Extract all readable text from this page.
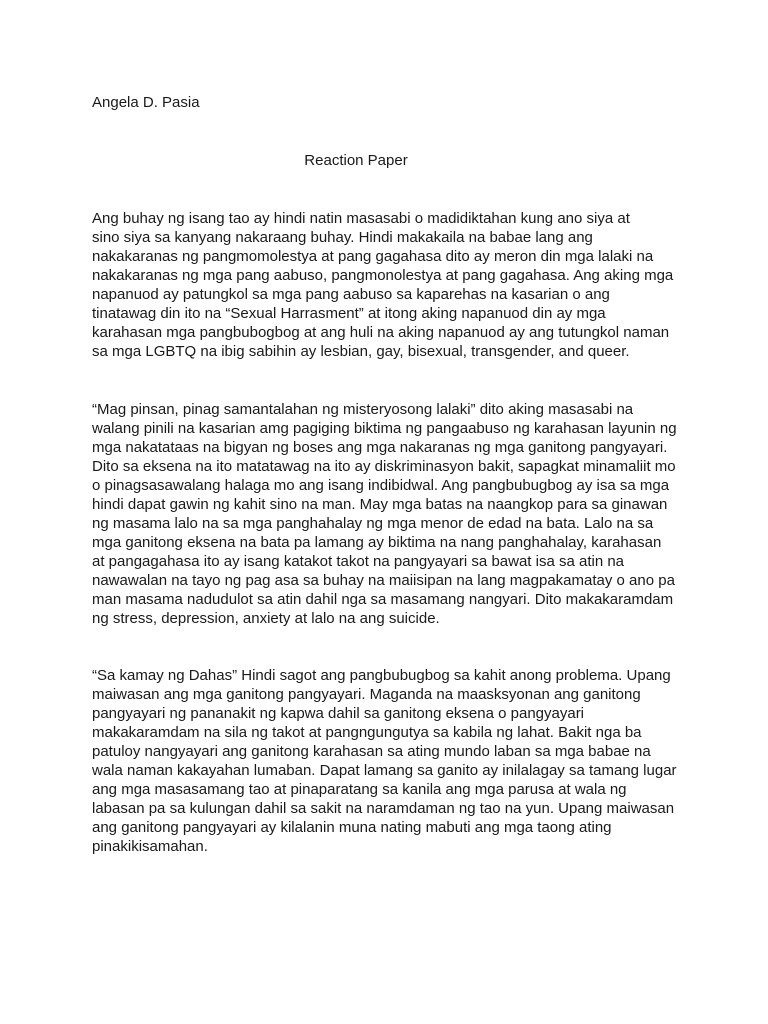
Angela D. Pasia

Reaction Paper

Ang buhay ng isang tao ay hindi natin masasabi o madidiktahan kung ano siya at
sino siya sa kanyang nakaraang buhay. Hindi makakaila na babae lang ang
nakakaranas ng pangmomolestya at pang gagahasa dito ay meron din mga lalaki na
nakakaranas ng mga pang aabuso, pangmonolestya at pang gagahasa. Ang aking mga
napanuod ay patungkol sa mga pang aabuso sa kaparehas na kasarian o ang
tinatawag din ito na “Sexual Harrasment” at itong aking napanuod din ay mga
karahasan mga pangbubogbog at ang huli na aking napanuod ay ang tutungkol naman
sa mga LGBTQ na ibig sabihin ay lesbian, gay, bisexual, transgender, and queer.

“Mag pinsan, pinag samantalahan ng misteryosong lalaki” dito aking masasabi na
walang pinili na kasarian amg pagiging biktima ng pangaabuso ng karahasan layunin ng
mga nakatataas na bigyan ng boses ang mga nakaranas ng mga ganitong pangyayari.
Dito sa eksena na ito matatawag na ito ay diskriminasyon bakit, sapagkat minamaliit mo
o pinagsasawalang halaga mo ang isang indibidwal. Ang pangbubugbog ay isa sa mga
hindi dapat gawin ng kahit sino na man. May mga batas na naangkop para sa ginawan
ng masama lalo na sa mga panghahalay ng mga menor de edad na bata. Lalo na sa
mga ganitong eksena na bata pa lamang ay biktima na nang panghahalay, karahasan
at pangagahasa ito ay isang katakot takot na pangyayari sa bawat isa sa atin na
nawawalan na tayo ng pag asa sa buhay na maiisipan na lang magpakamatay o ano pa
man masama nadudulot sa atin dahil nga sa masamang nangyari. Dito makakaramdam
ng stress, depression, anxiety at lalo na ang suicide.

“Sa kamay ng Dahas” Hindi sagot ang pangbubugbog sa kahit anong problema. Upang
maiwasan ang mga ganitong pangyayari. Maganda na maasksyonan ang ganitong
pangyayari ng pananakit ng kapwa dahil sa ganitong eksena o pangyayari
makakaramdam na sila ng takot at pangngungutya sa kabila ng lahat. Bakit nga ba
patuloy nangyayari ang ganitong karahasan sa ating mundo laban sa mga babae na
wala naman kakayahan lumaban. Dapat lamang sa ganito ay inilalagay sa tamang lugar
ang mga masasamang tao at pinaparatang sa kanila ang mga parusa at wala ng
labasan pa sa kulungan dahil sa sakit na naramdaman ng tao na yun. Upang maiwasan
ang ganitong pangyayari ay kilalanin muna nating mabuti ang mga taong ating
pinakikisamahan.
